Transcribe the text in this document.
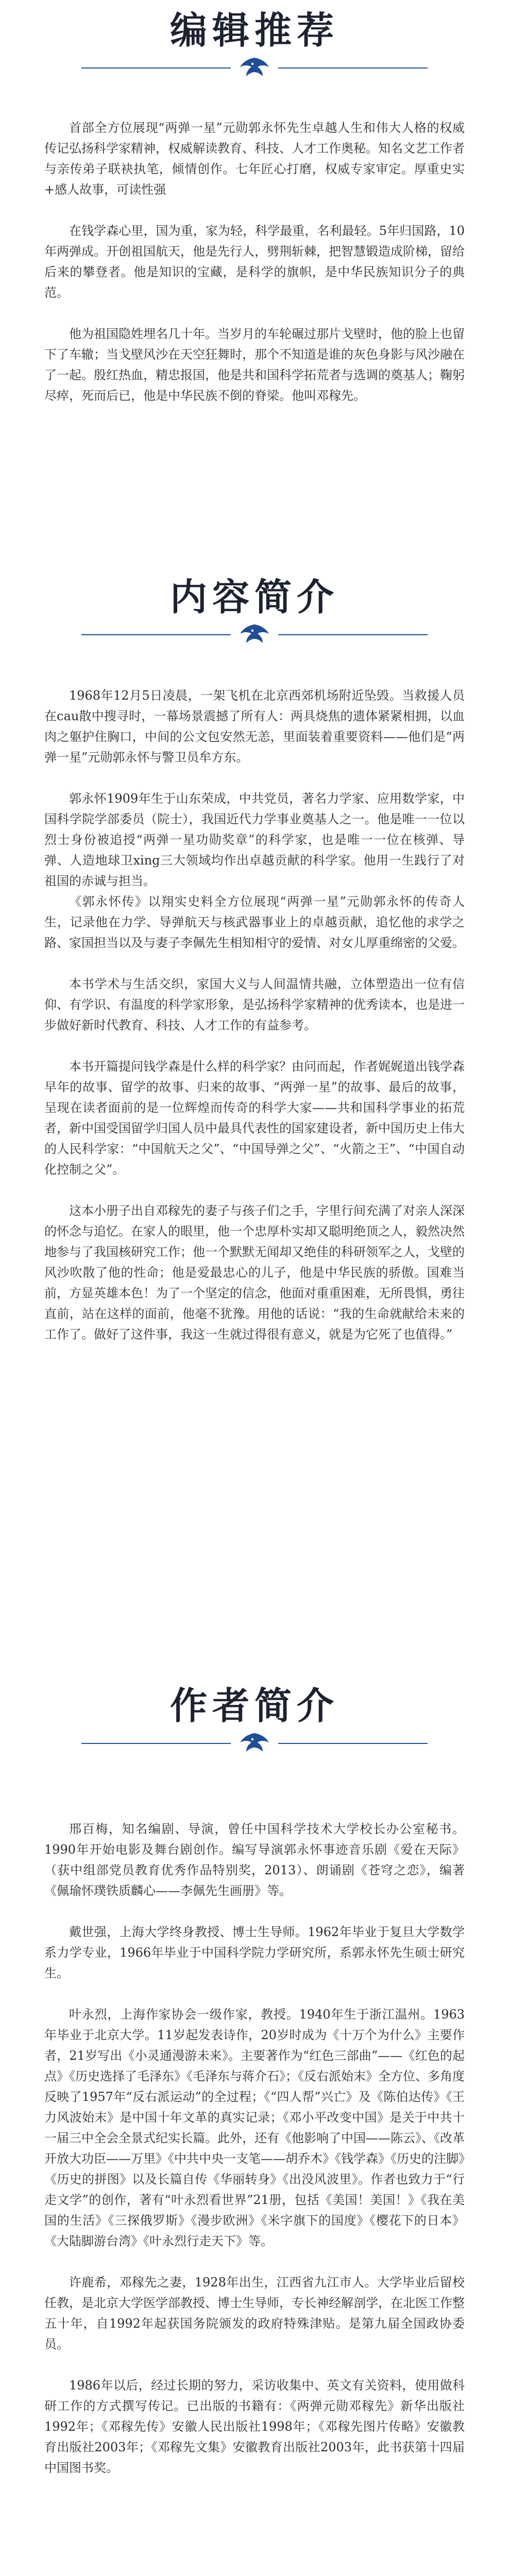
编辑推荐

首部全方位展现“两弹一星”元勋郭永怀先生卓越人生和伟大人格的权威传记弘扬科学家精神，权威解读教育、科技、人才工作奥秘。知名文艺工作者与亲传弟子联袂执笔，倾情创作。七年匠心打磨，权威专家审定。厚重史实+感人故事，可读性强

在钱学森心里，国为重，家为轻，科学最重，名利最轻。5年归国路，10年两弹成。开创祖国航天，他是先行人，劈荆斩棘，把智慧锻造成阶梯，留给后来的攀登者。他是知识的宝藏，是科学的旗帜，是中华民族知识分子的典范。

他为祖国隐姓埋名几十年。当岁月的车轮碾过那片戈壁时，他的脸上也留下了车辙；当戈壁风沙在天空狂舞时，那个不知道是谁的灰色身影与风沙融在了一起。殷红热血，精忠报国，他是共和国科学拓荒者与选调的奠基人；鞠躬尽瘁，死而后已，他是中华民族不倒的脊梁。他叫邓稼先。

内容简介

1968年12月5日凌晨，一架飞机在北京西郊机场附近坠毁。当救援人员在cau散中搜寻时，一幕场景震撼了所有人：两具烧焦的遗体紧紧相拥，以血肉之躯护住胸口，中间的公文包安然无恙，里面装着重要资料——他们是“两弹一星”元勋郭永怀与警卫员牟方东。

郭永怀1909年生于山东荣成，中共党员，著名力学家、应用数学家，中国科学院学部委员（院士），我国近代力学事业奠基人之一。他是唯一一位以烈士身份被追授“两弹一星功勋奖章”的科学家，也是唯一一位在核弹、导弹、人造地球卫xing三大领域均作出卓越贡献的科学家。他用一生践行了对祖国的赤诚与担当。

《郭永怀传》以翔实史料全方位展现“两弹一星”元勋郭永怀的传奇人生，记录他在力学、导弹航天与核武器事业上的卓越贡献，追忆他的求学之路、家国担当以及与妻子李佩先生相知相守的爱情、对女儿厚重绵密的父爱。

本书学术与生活交织，家国大义与人间温情共融，立体塑造出一位有信仰、有学识、有温度的科学家形象，是弘扬科学家精神的优秀读本，也是进一步做好新时代教育、科技、人才工作的有益参考。

本书开篇提问钱学森是什么样的科学家？由问而起，作者娓娓道出钱学森早年的故事、留学的故事、归来的故事、“两弹一星”的故事、最后的故事，呈现在读者面前的是一位辉煌而传奇的科学大家——共和国科学事业的拓荒者，新中国受国留学归国人员中最具代表性的国家建设者，新中国历史上伟大的人民科学家：“中国航天之父”、“中国导弹之父”、“火箭之王”、“中国自动化控制之父”。

这本小册子出自邓稼先的妻子与孩子们之手，字里行间充满了对亲人深深的怀念与追忆。在家人的眼里，他一个忠厚朴实却又聪明绝顶之人，毅然决然地参与了我国核研究工作；他一个默默无闻却又绝佳的科研领军之人，戈壁的风沙吹散了他的性命；他是爱最忠心的儿子，他是中华民族的骄傲。国难当前，方显英雄本色！为了一个坚定的信念，他面对重重困难，无所畏惧，勇往直前，站在这样的面前，他毫不犹豫。用他的话说：“我的生命就献给未来的工作了。做好了这件事，我这一生就过得很有意义，就是为它死了也值得。”

作者简介

邢百梅，知名编剧、导演，曾任中国科学技术大学校长办公室秘书。1990年开始电影及舞台剧创作。编写导演郭永怀事迹音乐剧《爱在天际》（获中组部党员教育优秀作品特别奖，2013）、朗诵剧《苍穹之恋》，编著《佩瑜怀璞铁质麟心——李佩先生画册》等。

戴世强，上海大学终身教授、博士生导师。1962年毕业于复旦大学数学系力学专业，1966年毕业于中国科学院力学研究所，系郭永怀先生硕士研究生。

叶永烈，上海作家协会一级作家，教授。1940年生于浙江温州。1963年毕业于北京大学。11岁起发表诗作，20岁时成为《十万个为什么》主要作者，21岁写出《小灵通漫游未来》。主要著作为“红色三部曲”——《红色的起点》《历史选择了毛泽东》《毛泽东与蒋介石》；《反右派始末》全方位、多角度反映了1957年“反右派运动”的全过程；《“四人帮”兴亡》及《陈伯达传》《王力风波始末》是中国十年文革的真实记录；《邓小平改变中国》是关于中共十一届三中全会全景式纪实长篇。此外，还有《他影响了中国——陈云》、《改革开放大功臣——万里》《中共中央一支笔——胡乔木》《钱学森》《历史的注脚》《历史的拼图》以及长篇自传《华丽转身》《出没风波里》。作者也致力于“行走文学”的创作，著有“叶永烈看世界”21册，包括《美国！美国！》《我在美国的生活》《三探俄罗斯》《漫步欧洲》《米字旗下的国度》《樱花下的日本》《大陆脚游台湾》《叶永烈行走天下》等。

许鹿希，邓稼先之妻，1928年出生，江西省九江市人。大学毕业后留校任教，是北京大学医学部教授、博士生导师，专长神经解剖学，在北医工作整五十年，自1992年起获国务院颁发的政府特殊津贴。是第九届全国政协委员。

1986年以后，经过长期的努力，采访收集中、英文有关资料，使用做科研工作的方式撰写传记。已出版的书籍有：《两弹元勋邓稼先》新华出版社1992年；《邓稼先传》安徽人民出版社1998年；《邓稼先图片传略》安徽教育出版社2003年；《邓稼先文集》安徽教育出版社2003年，此书获第十四届中国图书奖。
